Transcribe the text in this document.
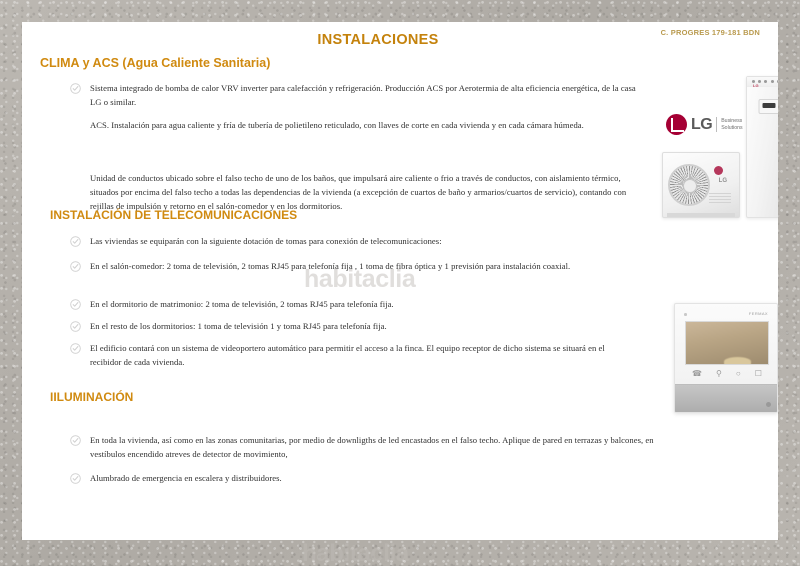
C. PROGRES 179-181 BDN
INSTALACIONES
CLIMA y ACS (Agua Caliente Sanitaria)
Sistema integrado de bomba de calor VRV inverter para calefacción y refrigeración. Producción ACS por Aerotermia de alta eficiencia energética, de la casa LG o similar.
ACS. Instalación para agua caliente y fría de tubería de polietileno reticulado, con llaves de corte en cada vivienda y en cada cámara húmeda.
Unidad de conductos ubicado sobre el falso techo de uno de los baños, que impulsará aire caliente o frio a través de conductos, con aislamiento térmico, situados por encima del falso techo a todas las dependencias de la vivienda (a excepción de cuartos de baño y armarios/cuartos de servicio), contando con rejillas de impulsión y retorno en el salón-comedor y en los dormitorios.
INSTALACIÓN DE TELECOMUNICACIONES
Las viviendas se equiparán con la siguiente dotación de tomas para conexión de telecomunicaciones:
En el salón-comedor: 2 toma de televisión, 2 tomas RJ45 para telefonía fija , 1 toma de fibra óptica y 1 previsión para instalación coaxial.
En el dormitorio de matrimonio: 2 toma de televisión, 2 tomas RJ45 para telefonía fija.
En el resto de los dormitorios: 1 toma de televisión 1 y toma RJ45 para telefonía fija.
El edificio contará con un sistema de videoportero automático para permitir el acceso a la finca. El equipo receptor de dicho sistema se situará en el recibidor de cada vivienda.
IILUMINACIÓN
En toda la vivienda, así como en las zonas comunitarias, por medio de downligths de led encastados en el falso techo. Aplique de pared en terrazas y balcones, en vestíbulos encendido atreves de detector de movimiento,
Alumbrado de emergencia en escalera y distribuidores.
habitaclia
LG Business
Solutions
LG
LG
FERMAX
☎ ⚲ ○ ☐
habitaclia
